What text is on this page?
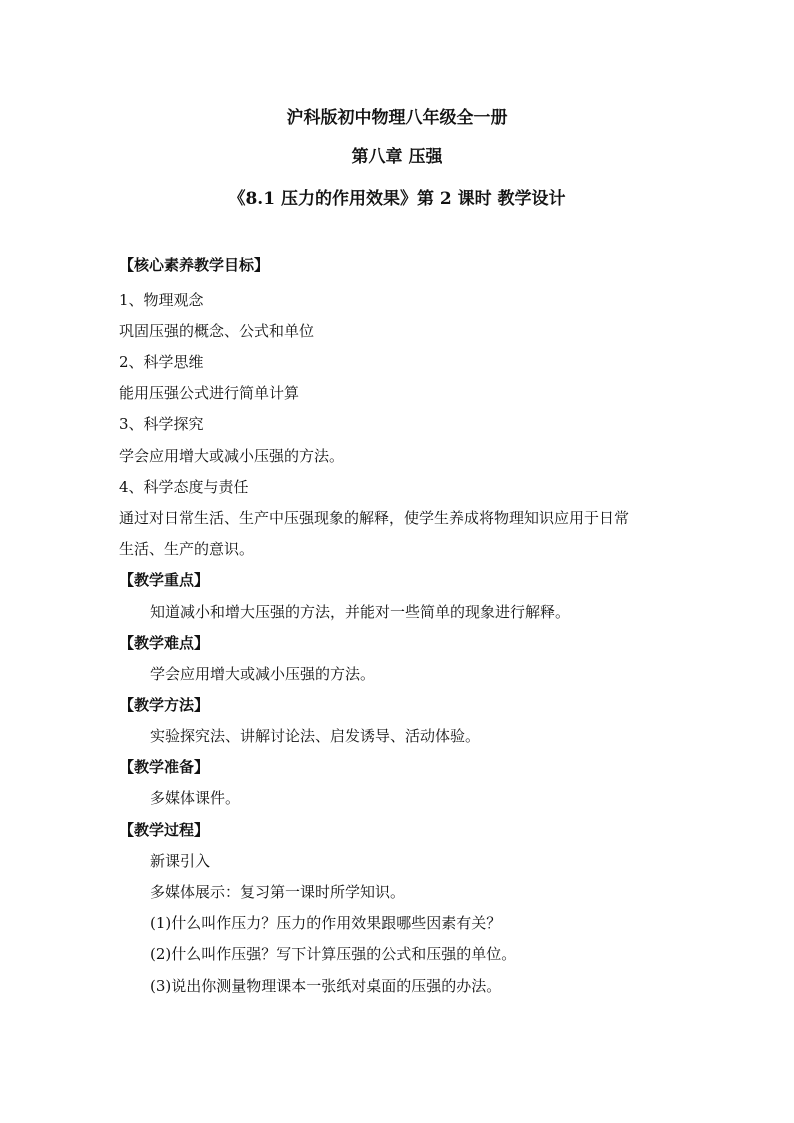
沪科版初中物理八年级全一册
第八章 压强
《8.1 压力的作用效果》第 2 课时 教学设计
【核心素养教学目标】
1、物理观念
巩固压强的概念、公式和单位
2、科学思维
能用压强公式进行简单计算
3、科学探究
学会应用增大或减小压强的方法。
4、科学态度与责任
通过对日常生活、生产中压强现象的解释，使学生养成将物理知识应用于日常
生活、生产的意识。
【教学重点】
知道减小和增大压强的方法，并能对一些简单的现象进行解释。
【教学难点】
学会应用增大或减小压强的方法。
【教学方法】
实验探究法、讲解讨论法、启发诱导、活动体验。
【教学准备】
多媒体课件。
【教学过程】
新课引入
多媒体展示：复习第一课时所学知识。
(1)什么叫作压力？压力的作用效果跟哪些因素有关？
(2)什么叫作压强？写下计算压强的公式和压强的单位。
(3)说出你测量物理课本一张纸对桌面的压强的办法。
